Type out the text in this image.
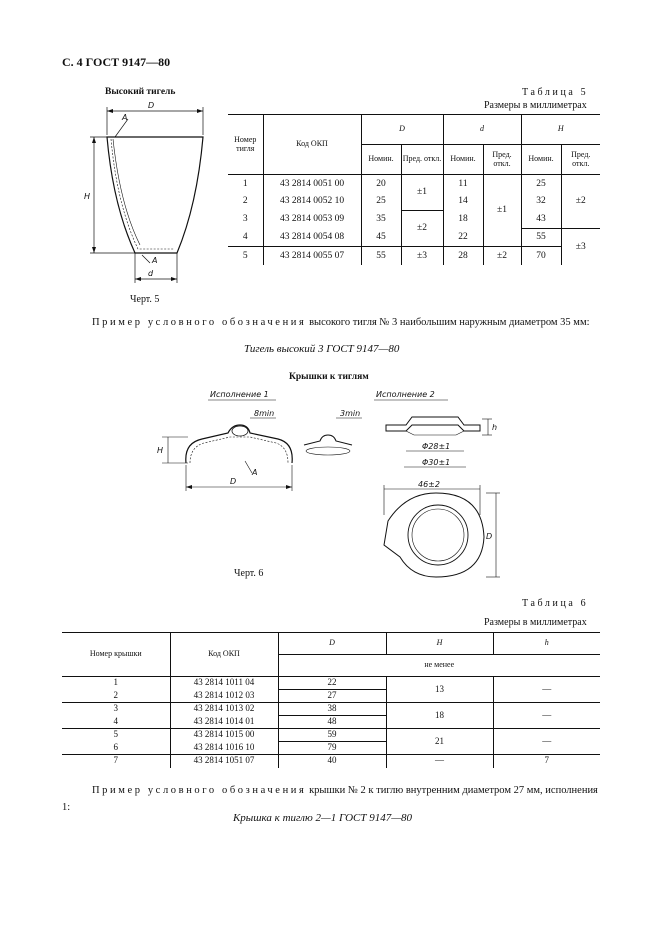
С. 4 ГОСТ 9147—80
Высокий тигель
D
A
H
A
d
Черт. 5
Таблица 5
Размеры в миллиметрах
Номер тигля	Код ОКП	D		d		H	
		Номин.	Пред. откл.	Номин.	Пред. откл.	Номин.	Пред. откл.
1	43 2814 0051 00	20	±1	11	±1	25	±2
2	43 2814 0052 10	25		14		32	
3	43 2814 0053 09	35	±2	18		43	
4	43 2814 0054 08	45		22		55	±3
5	43 2814 0055 07	55	±3	28	±2	70	
Пример условного обозначения высокого тигля № 3 наибольшим наружным диаметром 35 мм:
Тигель высокий 3 ГОСТ 9147—80
Крышки к тиглям
Исполнение 1	Исполнение 2
8min
H
D
A
3min
h
Φ28±1
Φ30±1
46±2
D
Черт. 6
Таблица 6
Размеры в миллиметрах
Номер крышки	Код ОКП	D	H	h
		не менее		
1	43 2814 1011 04	22	13	—
2	43 2814 1012 03	27		
3	43 2814 1013 02	38	18	—
4	43 2814 1014 01	48		
5	43 2814 1015 00	59	21	—
6	43 2814 1016 10	79		
7	43 2814 1051 07	40	—	7
Пример условного обозначения крышки № 2 к тиглю внутренним диаметром 27 мм, исполнения 1:
Крышка к тиглю 2—1 ГОСТ 9147—80
